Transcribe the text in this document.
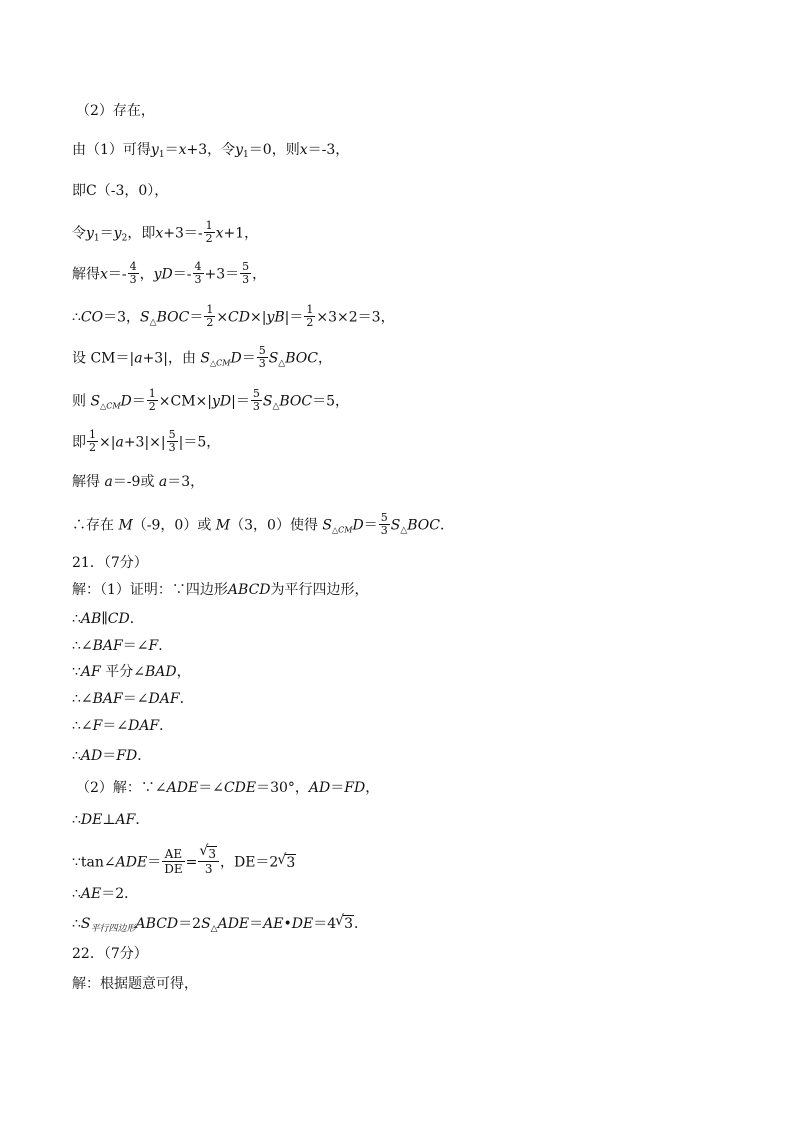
（2）存在，
由（1）可得$y_1=x+3$，令$y_1=0$，则x＝-3，
即C（-3，0），
令$y_1=y_2$，即$x+3=- \frac{1}{2} x+1$，
解得$x=- \frac{4}{3}$ ，$yD=- \frac{4}{3} +3= \frac{5}{3}$ ，
∴CO＝3，$S_\triangle BOC= \frac{1}{2} \times CD\times|yB|= \frac{1}{2} \times 3\times 2=3$，
设 CM＝|a+3|，由 $S_{\triangle CM}D= \frac{5}{3} S_\triangle BOC$，
则 $S_{\triangle CM}D= \frac{1}{2} \times CM\times|yD|= \frac{5}{3} S_\triangle BOC=5$，
即 $\frac{1}{2} \times|a+3|\times| \frac{5}{3} |=5$，
解得 a＝-9或 a＝3，
∴存在 M（-9，0）或 M（3，0）使得 $S_{\triangle CM}D= \frac{5}{3} S_\triangle BOC$．
21．（7分）
解：（1）证明：∵四边形ABCD为平行四边形，
∴AB∥CD．
∴∠BAF＝∠F．
∵AF 平分∠BAD，
∴∠BAF＝∠DAF．
∴∠F＝∠DAF．
∴AD＝FD．
（2）解：∵∠ADE＝∠CDE＝30°，AD＝FD，
∴DE⊥AF．
∵tan∠ADE＝ $\frac{AE}{DE}$ =
√ $\frac{3}{3}$ ，DE＝2√ 3
∴AE＝2．
$\therefore S_{平行四边形}ABCD=2S_\triangle ADE=AE•DE=4√$ 3．
22．（7分）
解：根据题意可得，
